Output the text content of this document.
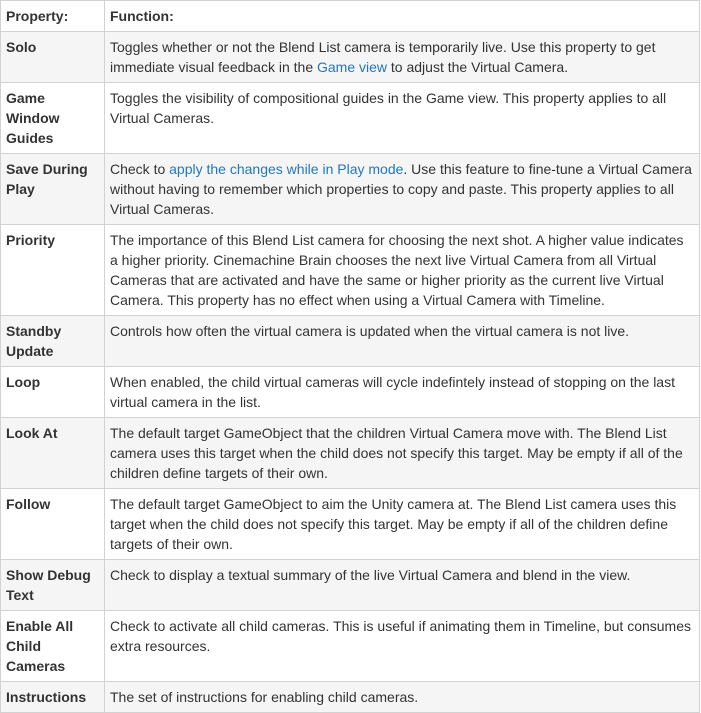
Property:	Function:
Solo	Toggles whether or not the Blend List camera is temporarily live. Use this property to get immediate visual feedback in the Game view to adjust the Virtual Camera.
Game Window Guides	Toggles the visibility of compositional guides in the Game view. This property applies to all Virtual Cameras.
Save During Play	Check to apply the changes while in Play mode. Use this feature to fine-tune a Virtual Camera without having to remember which properties to copy and paste. This property applies to all Virtual Cameras.
Priority	The importance of this Blend List camera for choosing the next shot. A higher value indicates a higher priority. Cinemachine Brain chooses the next live Virtual Camera from all Virtual Cameras that are activated and have the same or higher priority as the current live Virtual Camera. This property has no effect when using a Virtual Camera with Timeline.
Standby Update	Controls how often the virtual camera is updated when the virtual camera is not live.
Loop	When enabled, the child virtual cameras will cycle indefintely instead of stopping on the last virtual camera in the list.
Look At	The default target GameObject that the children Virtual Camera move with. The Blend List camera uses this target when the child does not specify this target. May be empty if all of the children define targets of their own.
Follow	The default target GameObject to aim the Unity camera at. The Blend List camera uses this target when the child does not specify this target. May be empty if all of the children define targets of their own.
Show Debug Text	Check to display a textual summary of the live Virtual Camera and blend in the view.
Enable All Child Cameras	Check to activate all child cameras. This is useful if animating them in Timeline, but consumes extra resources.
Instructions	The set of instructions for enabling child cameras.
